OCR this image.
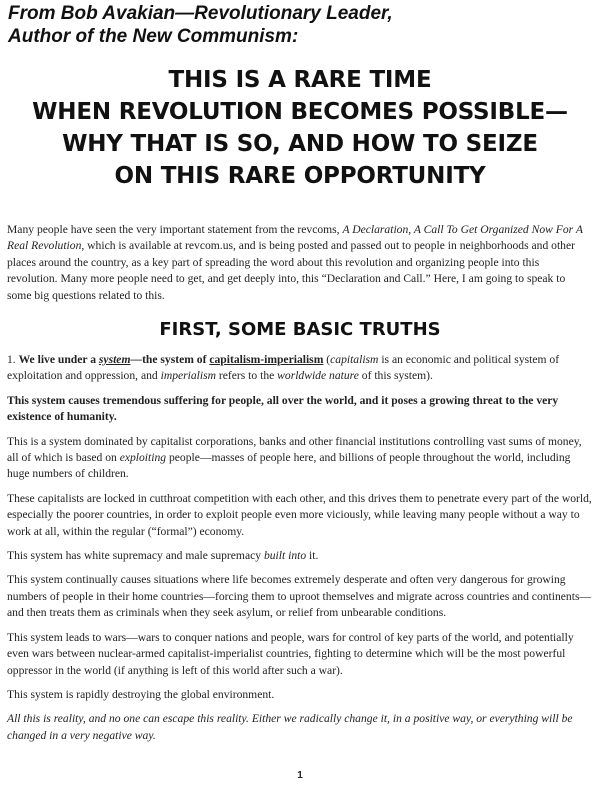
From Bob Avakian—Revolutionary Leader,
Author of the New Communism:
THIS IS A RARE TIME
WHEN REVOLUTION BECOMES POSSIBLE—
WHY THAT IS SO, AND HOW TO SEIZE
ON THIS RARE OPPORTUNITY

Many people have seen the very important statement from the revcoms, A Declaration, A Call To Get Organized Now For A Real Revolution, which is available at revcom.us, and is being posted and passed out to people in neighborhoods and other places around the country, as a key part of spreading the word about this revolution and organizing people into this revolution. Many more people need to get, and get deeply into, this “Declaration and Call.” Here, I am going to speak to some big questions related to this.

FIRST, SOME BASIC TRUTHS

1. We live under a system—the system of capitalism-imperialism (capitalism is an economic and political system of exploitation and oppression, and imperialism refers to the worldwide nature of this system).

This system causes tremendous suffering for people, all over the world, and it poses a growing threat to the very existence of humanity.

This is a system dominated by capitalist corporations, banks and other financial institutions controlling vast sums of money, all of which is based on exploiting people—masses of people here, and billions of people throughout the world, including huge numbers of children.

These capitalists are locked in cutthroat competition with each other, and this drives them to penetrate every part of the world, especially the poorer countries, in order to exploit people even more viciously, while leaving many people without a way to work at all, within the regular (“formal”) economy.

This system has white supremacy and male supremacy built into it.

This system continually causes situations where life becomes extremely desperate and often very dangerous for growing numbers of people in their home countries—forcing them to uproot themselves and migrate across countries and continents—and then treats them as criminals when they seek asylum, or relief from unbearable conditions.

This system leads to wars—wars to conquer nations and people, wars for control of key parts of the world, and potentially even wars between nuclear-armed capitalist-imperialist countries, fighting to determine which will be the most powerful oppressor in the world (if anything is left of this world after such a war).

This system is rapidly destroying the global environment.

All this is reality, and no one can escape this reality. Either we radically change it, in a positive way, or everything will be changed in a very negative way.

1
